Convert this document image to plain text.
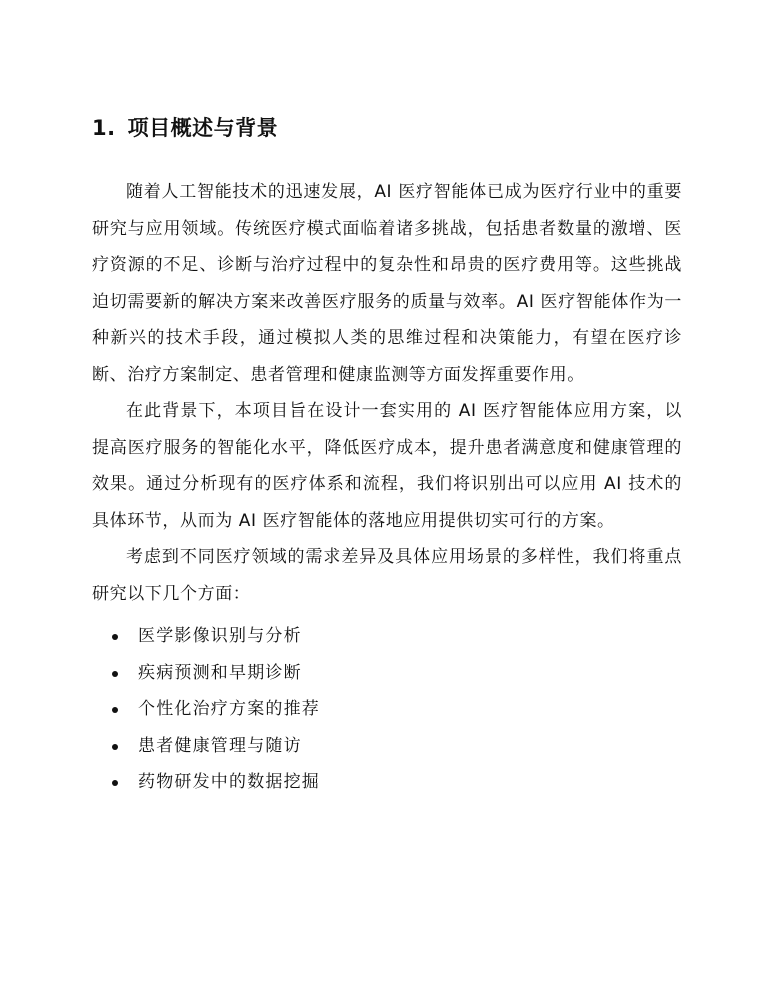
1. 项目概述与背景

随着人工智能技术的迅速发展，AI 医疗智能体已成为医疗行业中的重要研究与应用领域。传统医疗模式面临着诸多挑战，包括患者数量的激增、医疗资源的不足、诊断与治疗过程中的复杂性和昂贵的医疗费用等。这些挑战迫切需要新的解决方案来改善医疗服务的质量与效率。AI 医疗智能体作为一种新兴的技术手段，通过模拟人类的思维过程和决策能力，有望在医疗诊断、治疗方案制定、患者管理和健康监测等方面发挥重要作用。

在此背景下，本项目旨在设计一套实用的 AI 医疗智能体应用方案，以提高医疗服务的智能化水平，降低医疗成本，提升患者满意度和健康管理的效果。通过分析现有的医疗体系和流程，我们将识别出可以应用 AI 技术的具体环节，从而为 AI 医疗智能体的落地应用提供切实可行的方案。

考虑到不同医疗领域的需求差异及具体应用场景的多样性，我们将重点研究以下几个方面：

医学影像识别与分析
疾病预测和早期诊断
个性化治疗方案的推荐
患者健康管理与随访
药物研发中的数据挖掘
